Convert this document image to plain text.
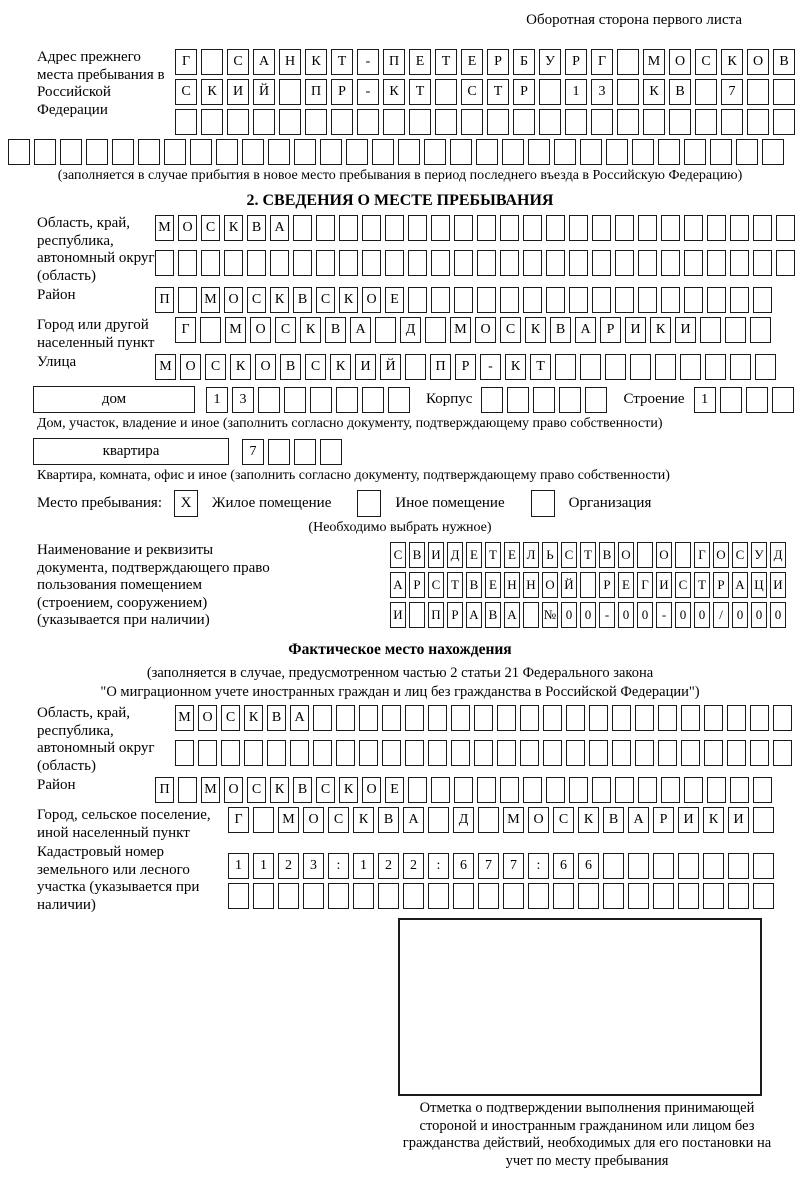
Оборотная сторона первого листа
Адрес прежнего места пребывания в Российской Федерации
Г	С	А	Н	К	Т	-	П	Е	Т	Е	Р	Б	У	Р	Г	М	О	С	К	О	В
С	К	И	Й	П	Р	-	К	Т	С	Т	Р	1	3	К	В	7
(заполняется в случае прибытия в новое место пребывания в период последнего въезда в Российскую Федерацию)
2. СВЕДЕНИЯ О МЕСТЕ ПРЕБЫВАНИЯ
Область, край, республика, автономный округ (область)
М О С К В А
Район	П	М О С К В С К О Е
Город или другой населенный пункт
Г	М О	С	К	В	А	Д	М О	С	К	В	А	Р	И	К	И
Улица	М О	С	К	О	В	С	К	И	Й	П	Р	-	К	Т
дом	1	3	Корпус	Строение	1
Дом, участок, владение и иное (заполнить согласно документу, подтверждающему право собственности)
квартира	7
Квартира, комната, офис и иное (заполнить согласно документу, подтверждающему право собственности)
Место пребывания:	X	Жилое помещение	Иное помещение	Организация
(Необходимо выбрать нужное)
Наименование и реквизиты документа, подтверждающего право пользования помещением (строением, сооружением) (указывается при наличии)
С В И Д Е Т Е Л Ь С Т В О О	Г О С У Д
А Р С Т В Е Н Н О Й	Р Е Г И С Т Р А Ц И
И П Р А В А № 0 0	-	0 0	-	0 0	/	0 0 0
Фактическое место нахождения
(заполняется в случае, предусмотренном частью 2 статьи 21 Федерального закона
"О миграционном учете иностранных граждан и лиц без гражданства в Российской Федерации")
Область, край, республика, автономный округ (область)
М О С К В А
Район	П	М О С К В С К О Е
Город, сельское поселение, иной населенный пункт
Г	М О	С	К	В	А	Д	М О	С	К	В	А	Р	И	К	И
Кадастровый номер земельного или лесного участка (указывается при наличии)
1	1	2	3	:	1	2	2	:	6	7	7	:	6	6
Отметка о подтверждении выполнения принимающей стороной и иностранным гражданином или лицом без гражданства действий, необходимых для его постановки на учет по месту пребывания
